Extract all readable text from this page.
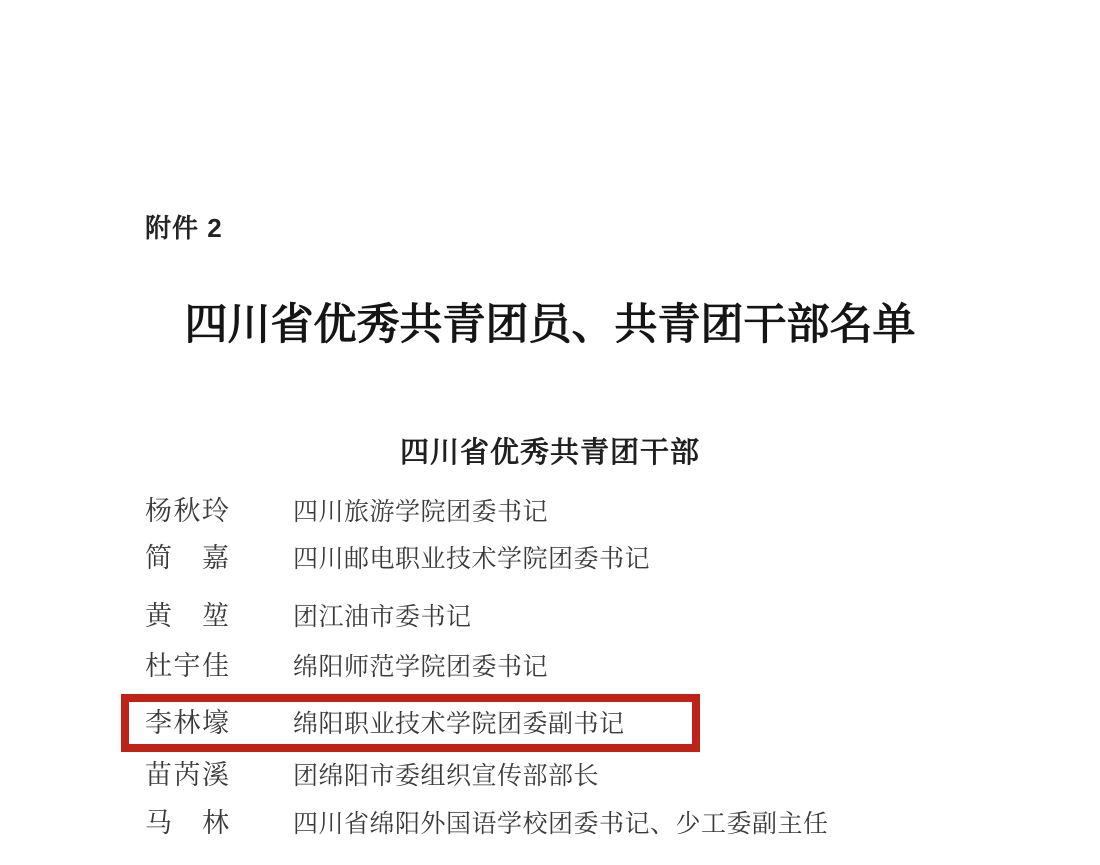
附件 2
四川省优秀共青团员、共青团干部名单
四川省优秀共青团干部
杨秋玲	四川旅游学院团委书记
简　嘉	四川邮电职业技术学院团委书记
黄　堃	团江油市委书记
杜宇佳	绵阳师范学院团委书记
李林壕	绵阳职业技术学院团委副书记
苗芮溪	团绵阳市委组织宣传部部长
马　林	四川省绵阳外国语学校团委书记、少工委副主任
